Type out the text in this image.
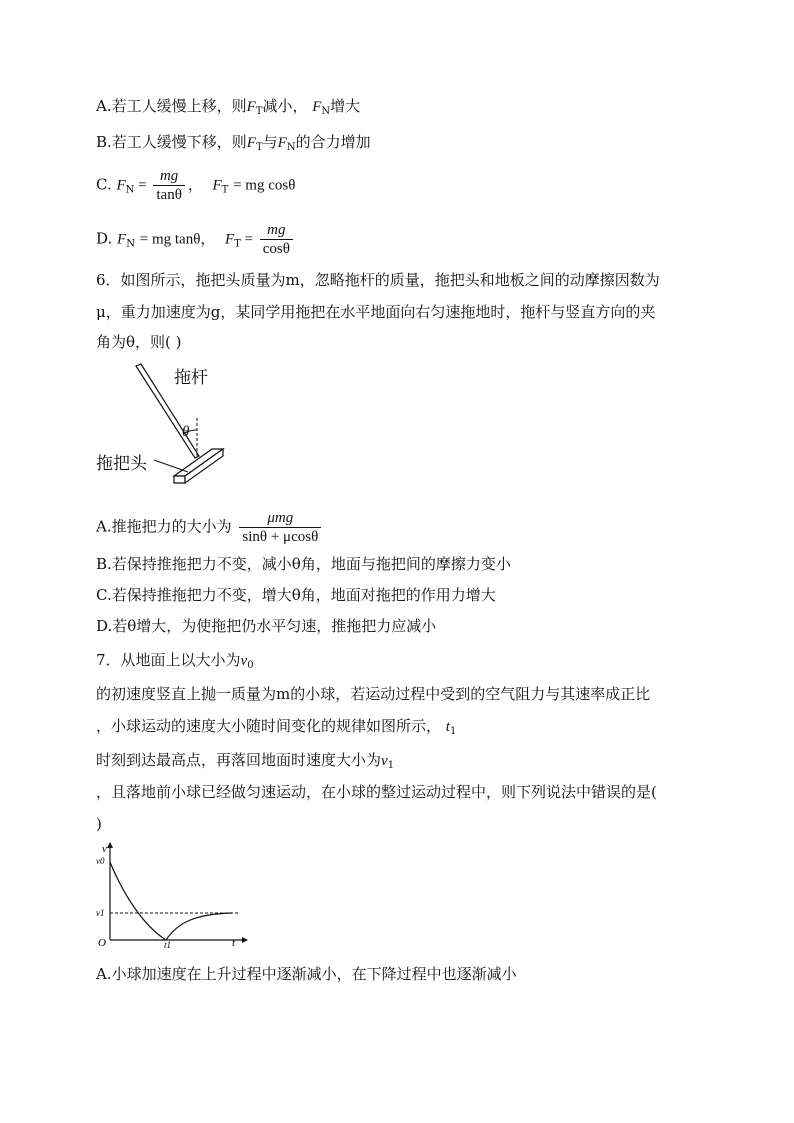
A.若工人缓慢上移，则$F_T$减小， $F_N$增大
B.若工人缓慢下移，则$F_T$与$F_N$的合力增加
C. $F_N = \frac{mg}{\tan\theta}$ ，  $F_T$ = mg cosθ
D. $F_N$ = mg tanθ，  $F_T = \frac{mg}{\cos\theta}$
6．如图所示，拖把头质量为m，忽略拖杆的质量，拖把头和地板之间的动摩擦因数为
μ，重力加速度为g，某同学用拖把在水平地面向右匀速拖地时，拖杆与竖直方向的夹
角为θ，则( )
拖杆
θ
拖把头
A.推拖把力的大小为 $\frac{\text{μmg}}{\sin\theta + \mu\cos\theta}$
B.若保持推拖把力不变，减小θ角，地面与拖把间的摩擦力变小
C.若保持推拖把力不变，增大θ角，地面对拖把的作用力增大
D.若θ增大，为使拖把仍水平匀速，推拖把力应减小
7．从地面上以大小为$v_0$
的初速度竖直上抛一质量为m的小球，若运动过程中受到的空气阻力与其速率成正比
，小球运动的速度大小随时间变化的规律如图所示， $t_1$
时刻到达最高点，再落回地面时速度大小为$v_1$
，且落地前小球已经做匀速运动，在小球的整过运动过程中，则下列说法中错误的是(
)
v
t
O
v0
v1
t1
A.小球加速度在上升过程中逐渐减小，在下降过程中也逐渐减小
